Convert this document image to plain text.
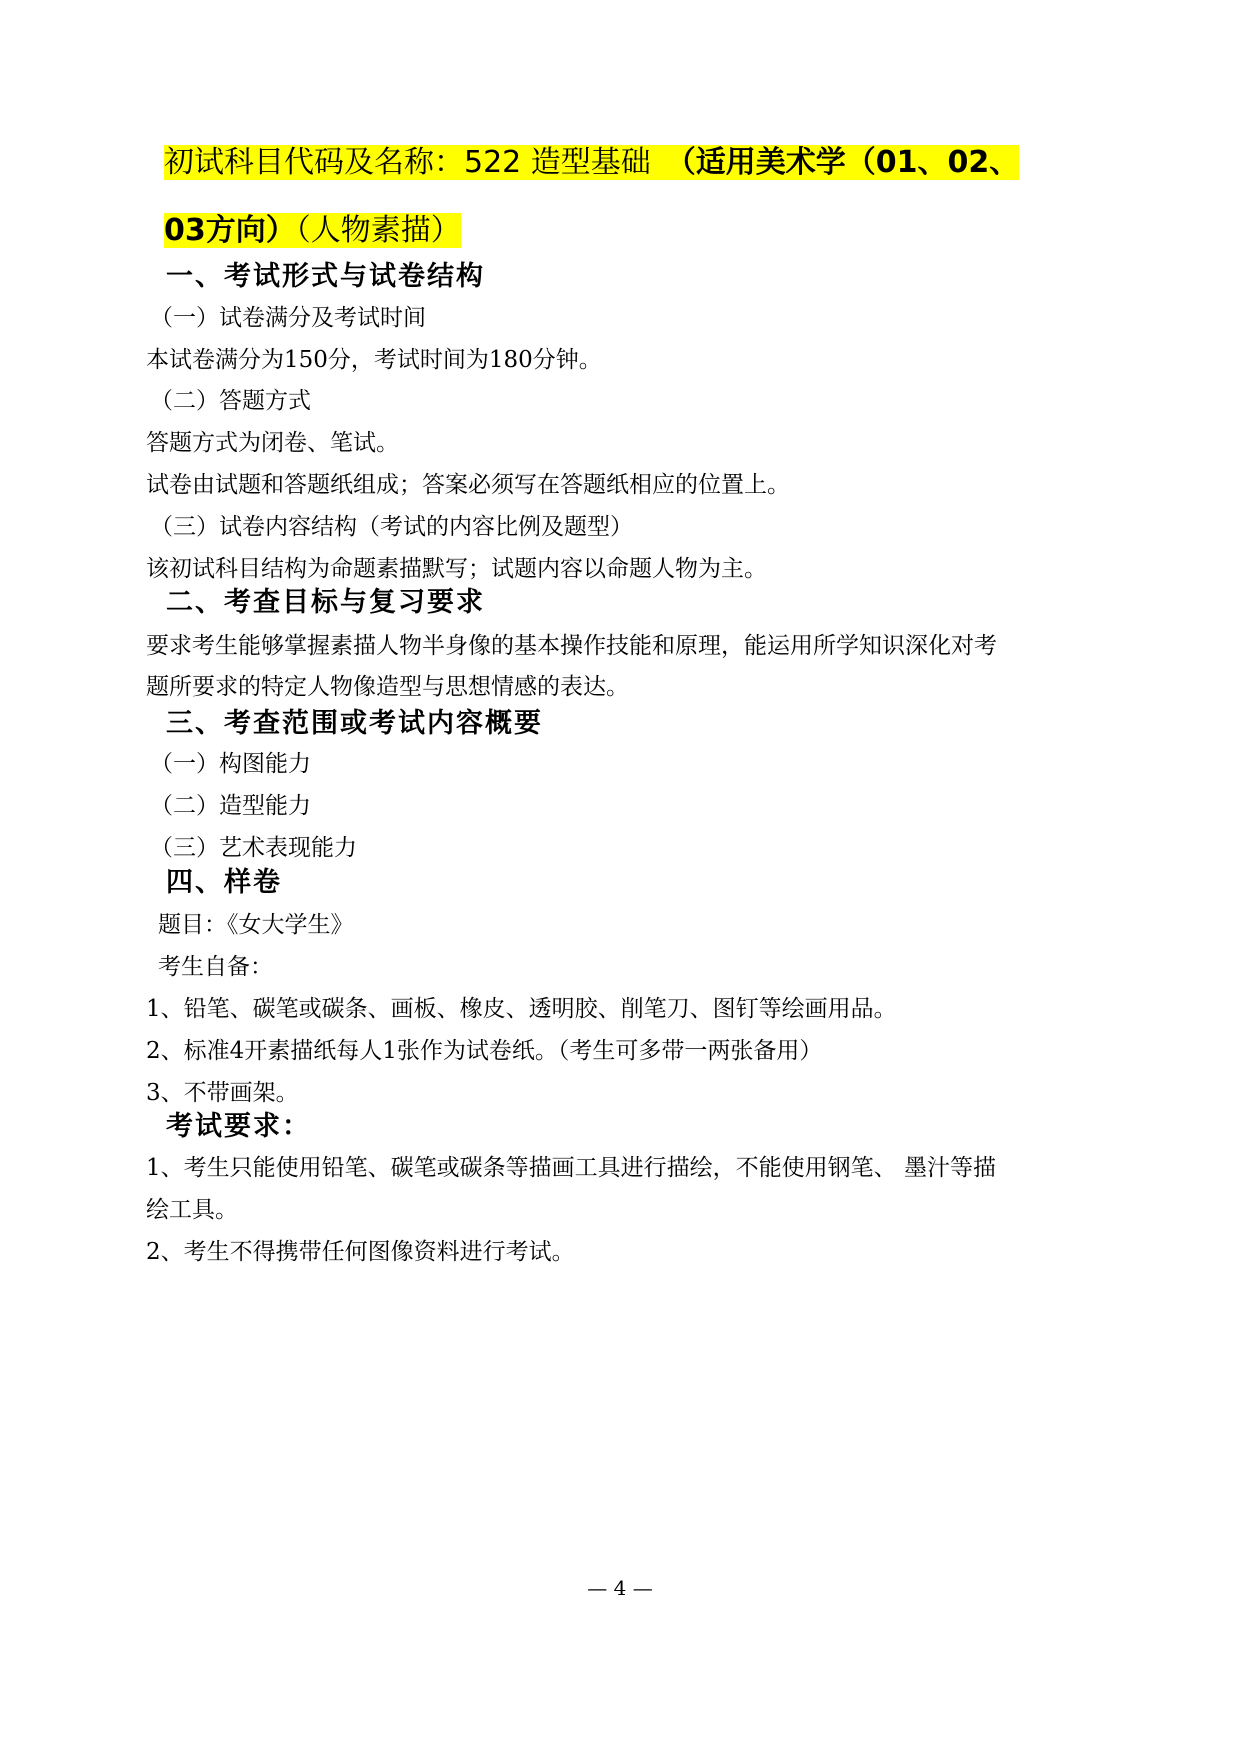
初试科目代码及名称：522 造型基础　 （适用美术学（01、02、
03方向）（人物素描）
一、考试形式与试卷结构
（一）试卷满分及考试时间
本试卷满分为150分，考试时间为180分钟。
（二）答题方式
答题方式为闭卷、笔试。
试卷由试题和答题纸组成；答案必须写在答题纸相应的位置上。
（三）试卷内容结构（考试的内容比例及题型）
该初试科目结构为命题素描默写；试题内容以命题人物为主。
二、考查目标与复习要求
要求考生能够掌握素描人物半身像的基本操作技能和原理，能运用所学知识深化对考
题所要求的特定人物像造型与思想情感的表达。
三、考查范围或考试内容概要
（一）构图能力
（二）造型能力
（三）艺术表现能力
四、样卷
题目：《女大学生》
考生自备：
1、铅笔、碳笔或碳条、画板、橡皮、透明胶、削笔刀、图钉等绘画用品。
2、标准4开素描纸每人1张作为试卷纸。（考生可多带一两张备用）
3、不带画架。
考试要求：
1、考生只能使用铅笔、碳笔或碳条等描画工具进行描绘，不能使用钢笔、 墨汁等描
绘工具。
2、考生不得携带任何图像资料进行考试。
— 4 —
